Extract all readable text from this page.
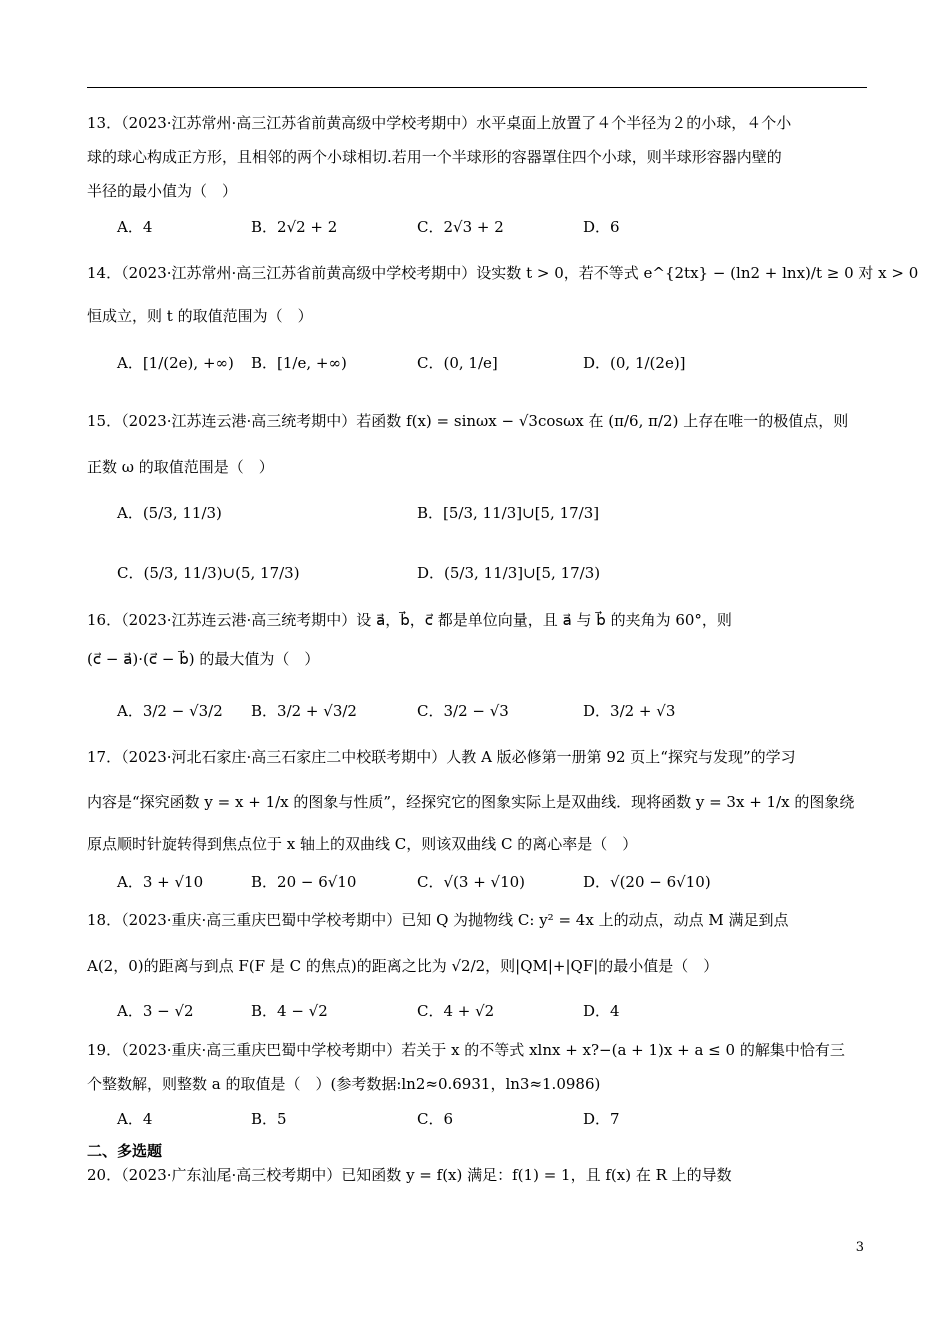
13．（2023·江苏常州·高三江苏省前黄高级中学校考期中）水平桌面上放置了４个半径为２的小球，４个小
球的球心构成正方形，且相邻的两个小球相切.若用一个半球形的容器罩住四个小球，则半球形容器内壁的
半径的最小值为（　）
A．4	B．2√2 + 2	C．2√3 + 2	D．6
14．（2023·江苏常州·高三江苏省前黄高级中学校考期中）设实数 t > 0，若不等式 e^{2tx} − (ln2 + lnx)/t ≥ 0 对 x > 0
恒成立，则 t 的取值范围为（　）
A．[1/(2e), +∞) B．[1/e, +∞)	C．(0, 1/e]	D．(0, 1/(2e)]
15．（2023·江苏连云港·高三统考期中）若函数 f(x) = sinωx − √3cosωx 在 (π/6, π/2) 上存在唯一的极值点，则
正数 ω 的取值范围是（　）
A．(5/3, 11/3)	B．[5/3, 11/3]∪[5, 17/3]
C．(5/3, 11/3)∪(5, 17/3)	D．(5/3, 11/3]∪[5, 17/3)
16．（2023·江苏连云港·高三统考期中）设 a⃗，b⃗，c⃗ 都是单位向量，且 a⃗ 与 b⃗ 的夹角为 60°，则
(c⃗ − a⃗)·(c⃗ − b⃗) 的最大值为（　）
A．3/2 − √3/2 B．3/2 + √3/2	C．3/2 − √3	D．3/2 + √3
17．（2023·河北石家庄·高三石家庄二中校联考期中）人教 A 版必修第一册第 92 页上“探究与发现”的学习
内容是“探究函数 y = x + 1/x 的图象与性质”，经探究它的图象实际上是双曲线．现将函数 y = 3x + 1/x 的图象绕
原点顺时针旋转得到焦点位于 x 轴上的双曲线 C，则该双曲线 C 的离心率是（　）
A．3 + √10	B．20 − 6√10	C．√(3 + √10)	D．√(20 − 6√10)
18．（2023·重庆·高三重庆巴蜀中学校考期中）已知 Q 为抛物线 C: y² = 4x 上的动点，动点 M 满足到点
A(2，0)的距离与到点 F(F 是 C 的焦点)的距离之比为 √2/2，则|QM|+|QF|的最小值是（　）
A．3 − √2	B．4 − √2	C．4 + √2	D．4
19．（2023·重庆·高三重庆巴蜀中学校考期中）若关于 x 的不等式 xlnx + x?−(a + 1)x + a ≤ 0 的解集中恰有三
个整数解，则整数 a 的取值是（　）(参考数据:ln2≈0.6931，ln3≈1.0986)
A．4	B．5	C．6	D．7
二、多选题
20．（2023·广东汕尾·高三校考期中）已知函数 y = f(x) 满足：f(1) = 1，且 f(x) 在 R 上的导数
3
